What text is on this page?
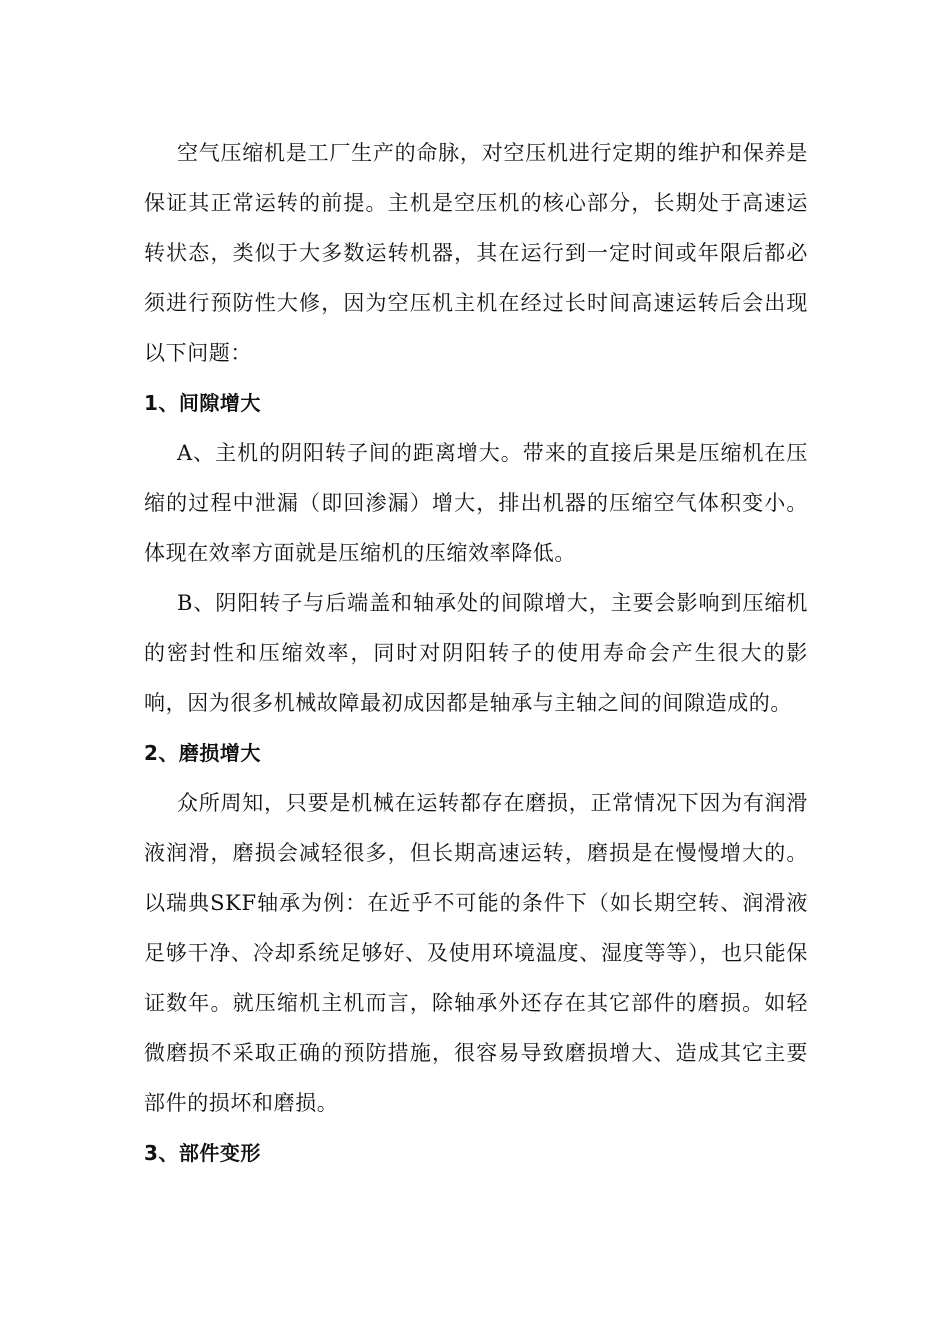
空气压缩机是工厂生产的命脉，对空压机进行定期的维护和保养是保证其正常运转的前提。主机是空压机的核心部分，长期处于高速运转状态，类似于大多数运转机器，其在运行到一定时间或年限后都必须进行预防性大修，因为空压机主机在经过长时间高速运转后会出现以下问题：

1、间隙增大

A、主机的阴阳转子间的距离增大。带来的直接后果是压缩机在压缩的过程中泄漏（即回渗漏）增大，排出机器的压缩空气体积变小。体现在效率方面就是压缩机的压缩效率降低。

B、阴阳转子与后端盖和轴承处的间隙增大，主要会影响到压缩机的密封性和压缩效率，同时对阴阳转子的使用寿命会产生很大的影响，因为很多机械故障最初成因都是轴承与主轴之间的间隙造成的。

2、磨损增大

众所周知，只要是机械在运转都存在磨损，正常情况下因为有润滑液润滑，磨损会减轻很多，但长期高速运转，磨损是在慢慢增大的。以瑞典SKF轴承为例：在近乎不可能的条件下（如长期空转、润滑液足够干净、冷却系统足够好、及使用环境温度、湿度等等），也只能保证数年。就压缩机主机而言，除轴承外还存在其它部件的磨损。如轻微磨损不采取正确的预防措施，很容易导致磨损增大、造成其它主要部件的损坏和磨损。

3、部件变形
